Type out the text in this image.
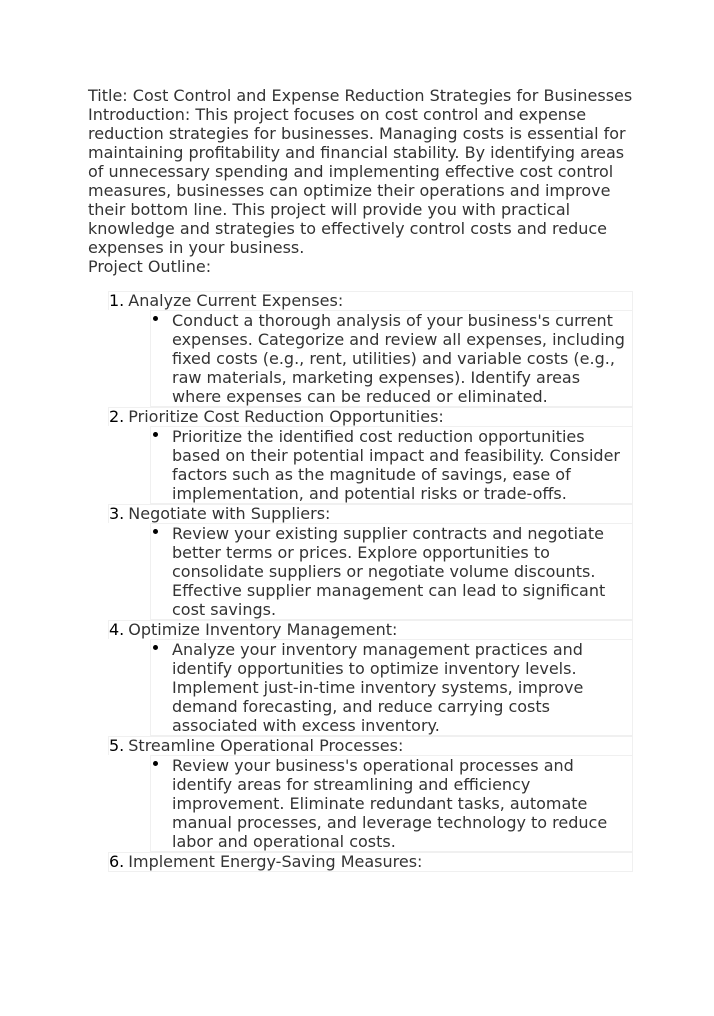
Title: Cost Control and Expense Reduction Strategies for Businesses

Introduction: This project focuses on cost control and expense reduction strategies for businesses. Managing costs is essential for maintaining profitability and financial stability. By identifying areas of unnecessary spending and implementing effective cost control measures, businesses can optimize their operations and improve their bottom line. This project will provide you with practical knowledge and strategies to effectively control costs and reduce expenses in your business.

Project Outline:

1. Analyze Current Expenses:
Conduct a thorough analysis of your business's current expenses. Categorize and review all expenses, including fixed costs (e.g., rent, utilities) and variable costs (e.g., raw materials, marketing expenses). Identify areas where expenses can be reduced or eliminated.
2. Prioritize Cost Reduction Opportunities:
Prioritize the identified cost reduction opportunities based on their potential impact and feasibility. Consider factors such as the magnitude of savings, ease of implementation, and potential risks or trade-offs.
3. Negotiate with Suppliers:
Review your existing supplier contracts and negotiate better terms or prices. Explore opportunities to consolidate suppliers or negotiate volume discounts. Effective supplier management can lead to significant cost savings.
4. Optimize Inventory Management:
Analyze your inventory management practices and identify opportunities to optimize inventory levels. Implement just-in-time inventory systems, improve demand forecasting, and reduce carrying costs associated with excess inventory.
5. Streamline Operational Processes:
Review your business's operational processes and identify areas for streamlining and efficiency improvement. Eliminate redundant tasks, automate manual processes, and leverage technology to reduce labor and operational costs.
6. Implement Energy-Saving Measures:
